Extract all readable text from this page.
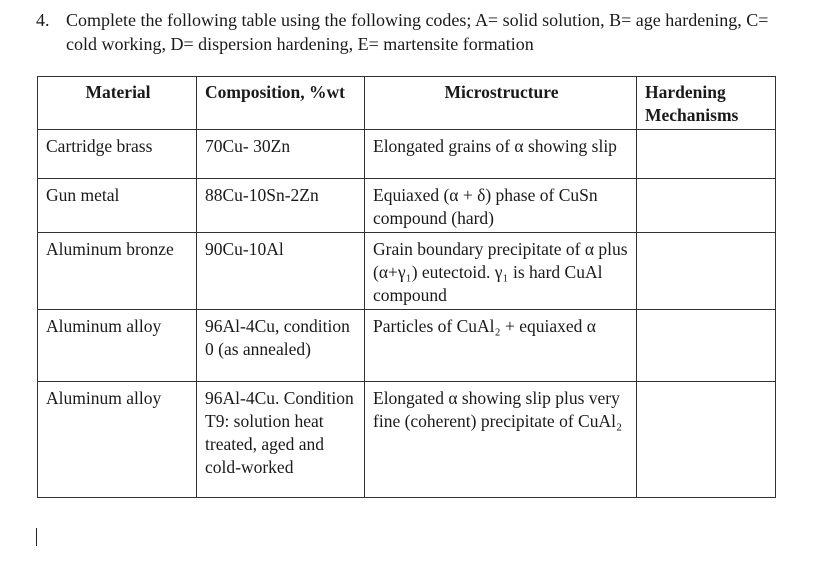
4. Complete the following table using the following codes; A= solid solution, B= age hardening, C= cold working, D= dispersion hardening, E= martensite formation
Material	Composition, %wt	Microstructure	Hardening Mechanisms
Cartridge brass	70Cu- 30Zn	Elongated grains of α showing slip	
Gun metal	88Cu-10Sn-2Zn	Equiaxed (α + δ) phase of CuSn compound (hard)	
Aluminum bronze	90Cu-10Al	Grain boundary precipitate of α plus (α+γ₁) eutectoid. γ₁ is hard CuAl compound	
Aluminum alloy	96Al-4Cu, condition 0 (as annealed)	Particles of CuAl₂ + equiaxed α	
Aluminum alloy	96Al-4Cu. Condition T9: solution heat treated, aged and cold-worked	Elongated α showing slip plus very fine (coherent) precipitate of CuAl₂	
